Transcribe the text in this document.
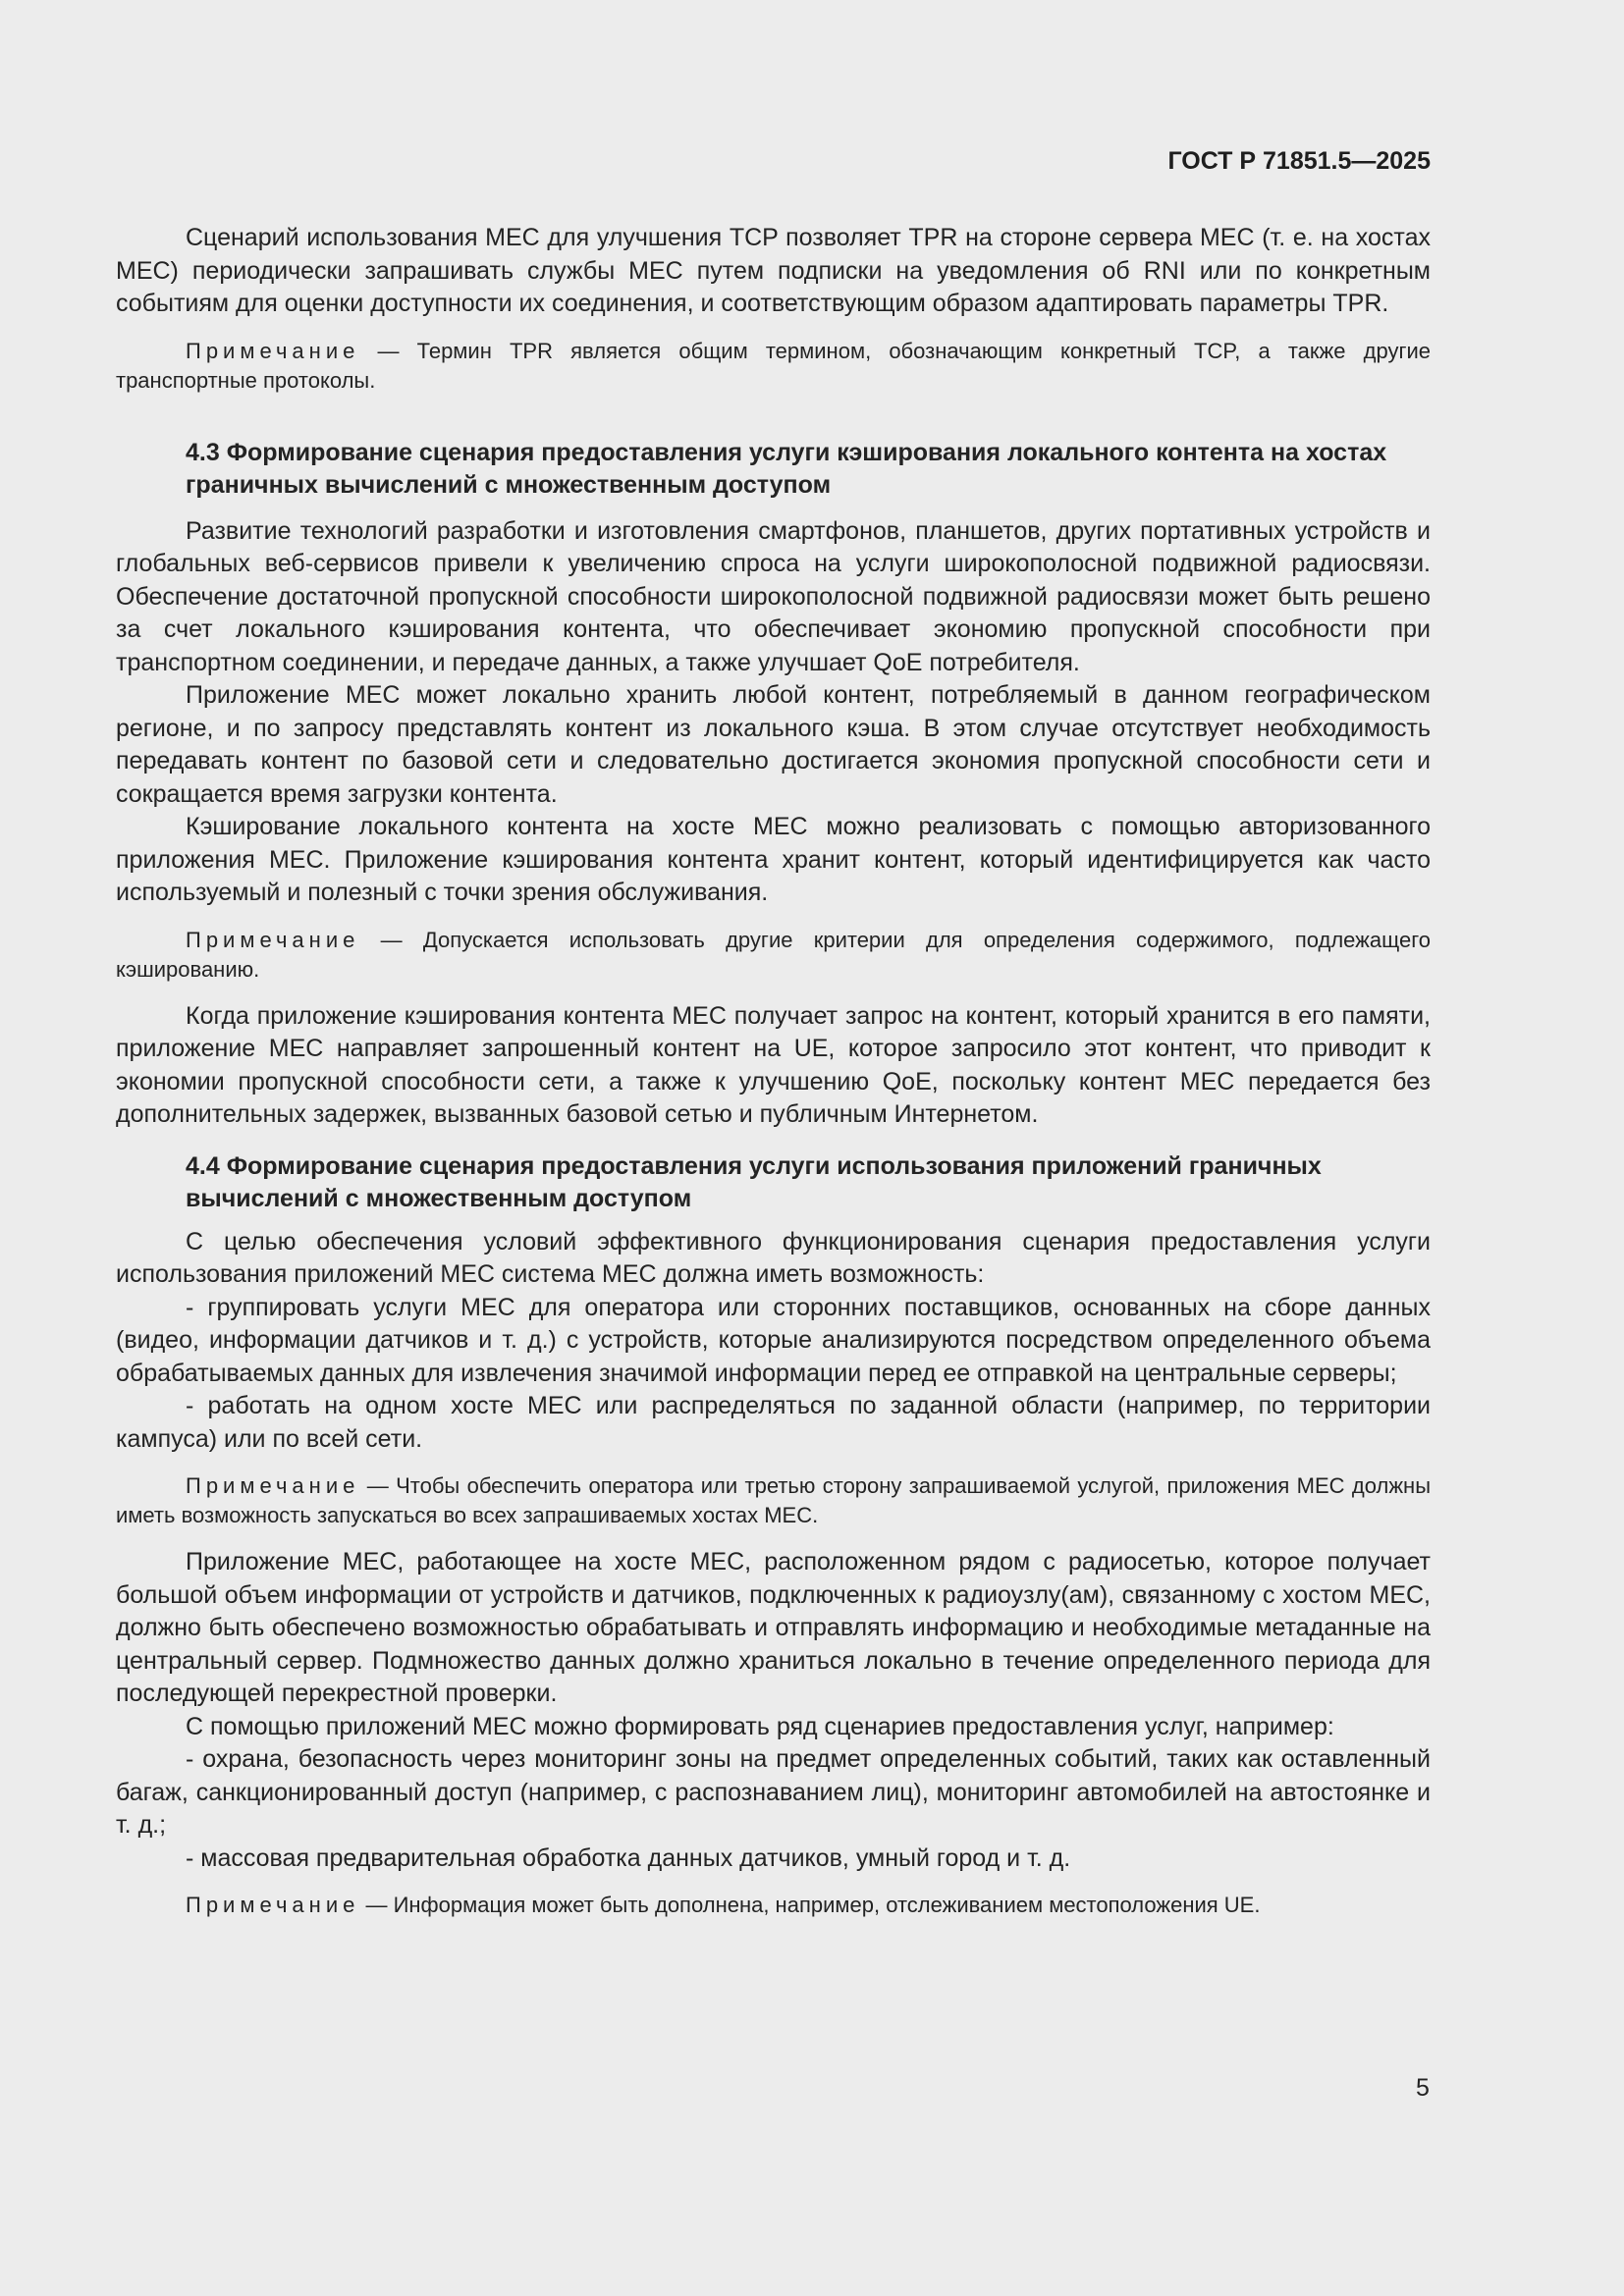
ГОСТ Р 71851.5—2025

Сценарий использования MEC для улучшения TCP позволяет TPR на стороне сервера MEC (т. е. на хостах MEC) периодически запрашивать службы MEC путем подписки на уведомления об RNI или по конкретным событиям для оценки доступности их соединения, и соответствующим образом адаптировать параметры TPR.

Примечание — Термин TPR является общим термином, обозначающим конкретный TCP, а также другие транспортные протоколы.

4.3 Формирование сценария предоставления услуги кэширования локального контента на хостах граничных вычислений с множественным доступом

Развитие технологий разработки и изготовления смартфонов, планшетов, других портативных устройств и глобальных веб-сервисов привели к увеличению спроса на услуги широкополосной подвижной радиосвязи. Обеспечение достаточной пропускной способности широкополосной подвижной радиосвязи может быть решено за счет локального кэширования контента, что обеспечивает экономию пропускной способности при транспортном соединении, и передаче данных, а также улучшает QoE потребителя.

Приложение MEC может локально хранить любой контент, потребляемый в данном географическом регионе, и по запросу представлять контент из локального кэша. В этом случае отсутствует необходимость передавать контент по базовой сети и следовательно достигается экономия пропускной способности сети и сокращается время загрузки контента.

Кэширование локального контента на хосте MEC можно реализовать с помощью авторизованного приложения MEC. Приложение кэширования контента хранит контент, который идентифицируется как часто используемый и полезный с точки зрения обслуживания.

Примечание — Допускается использовать другие критерии для определения содержимого, подлежащего кэшированию.

Когда приложение кэширования контента MEC получает запрос на контент, который хранится в его памяти, приложение MEC направляет запрошенный контент на UE, которое запросило этот контент, что приводит к экономии пропускной способности сети, а также к улучшению QoE, поскольку контент MEC передается без дополнительных задержек, вызванных базовой сетью и публичным Интернетом.

4.4 Формирование сценария предоставления услуги использования приложений граничных вычислений с множественным доступом

С целью обеспечения условий эффективного функционирования сценария предоставления услуги использования приложений MEC система MEC должна иметь возможность:

- группировать услуги MEC для оператора или сторонних поставщиков, основанных на сборе данных (видео, информации датчиков и т. д.) с устройств, которые анализируются посредством определенного объема обрабатываемых данных для извлечения значимой информации перед ее отправкой на центральные серверы;

- работать на одном хосте MEC или распределяться по заданной области (например, по территории кампуса) или по всей сети.

Примечание — Чтобы обеспечить оператора или третью сторону запрашиваемой услугой, приложения MEC должны иметь возможность запускаться во всех запрашиваемых хостах MEC.

Приложение MEC, работающее на хосте MEC, расположенном рядом с радиосетью, которое получает большой объем информации от устройств и датчиков, подключенных к радиоузлу(ам), связанному с хостом MEC, должно быть обеспечено возможностью обрабатывать и отправлять информацию и необходимые метаданные на центральный сервер. Подмножество данных должно храниться локально в течение определенного периода для последующей перекрестной проверки.

С помощью приложений MEC можно формировать ряд сценариев предоставления услуг, например:

- охрана, безопасность через мониторинг зоны на предмет определенных событий, таких как оставленный багаж, санкционированный доступ (например, с распознаванием лиц), мониторинг автомобилей на автостоянке и т. д.;

- массовая предварительная обработка данных датчиков, умный город и т. д.

Примечание — Информация может быть дополнена, например, отслеживанием местоположения UE.

5
